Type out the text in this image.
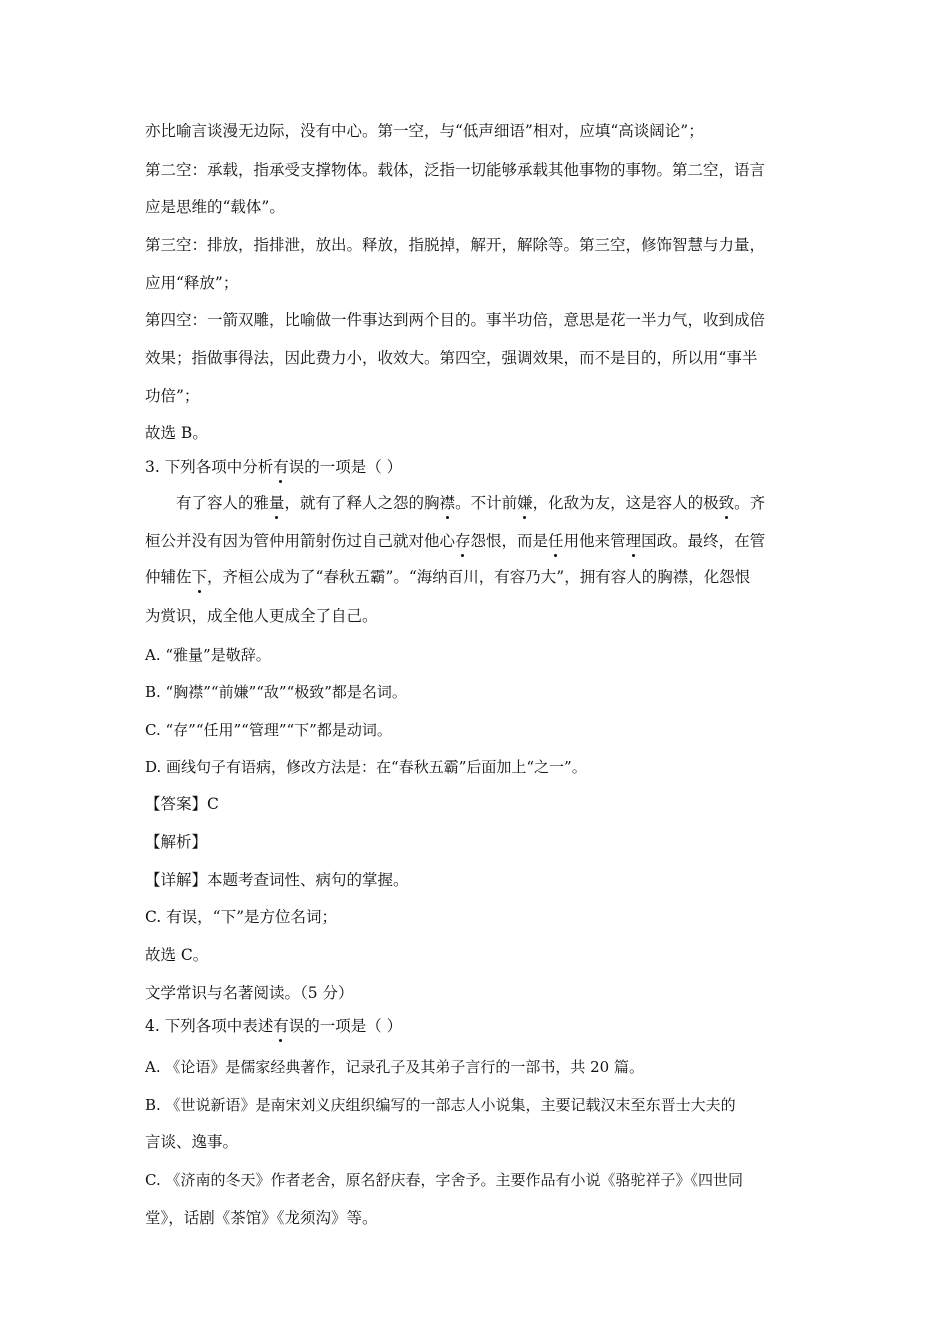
亦比喻言谈漫无边际，没有中心。第一空，与“低声细语”相对，应填“高谈阔论”；
第二空：承载，指承受支撑物体。载体，泛指一切能够承载其他事物的事物。第二空，语言
应是思维的“载体”。
第三空：排放，指排泄，放出。释放，指脱掉，解开，解除等。第三空，修饰智慧与力量，
应用“释放”；
第四空：一箭双雕，比喻做一件事达到两个目的。事半功倍，意思是花一半力气，收到成倍
效果；指做事得法，因此费力小，收效大。第四空，强调效果，而不是目的，所以用“事半
功倍”；
故选 B。
3. 下列各项中分析有误的一项是（ ）
有了容人的雅量，就有了释人之怨的胸襟。不计前嫌，化敌为友，这是容人的极致。齐
桓公并没有因为管仲用箭射伤过自己就对他心存怨恨，而是任用他来管理国政。最终，在管
仲辅佐下，齐桓公成为了“春秋五霸”。“海纳百川，有容乃大”，拥有容人的胸襟，化怨恨
为赏识，成全他人更成全了自己。
A. “雅量”是敬辞。
B. “胸襟”“前嫌”“敌”“极致”都是名词。
C. “存”“任用”“管理”“下”都是动词。
D. 画线句子有语病，修改方法是：在“春秋五霸”后面加上“之一”。
【答案】C
【解析】
【详解】本题考查词性、病句的掌握。
C. 有误，“下”是方位名词；
故选 C。
文学常识与名著阅读。（5 分）
4. 下列各项中表述有误的一项是（ ）
A. 《论语》是儒家经典著作，记录孔子及其弟子言行的一部书，共 20 篇。
B. 《世说新语》是南宋刘义庆组织编写的一部志人小说集，主要记载汉末至东晋士大夫的
言谈、逸事。
C. 《济南的冬天》作者老舍，原名舒庆春，字舍予。主要作品有小说《骆驼祥子》《四世同
堂》，话剧《茶馆》《龙须沟》等。
